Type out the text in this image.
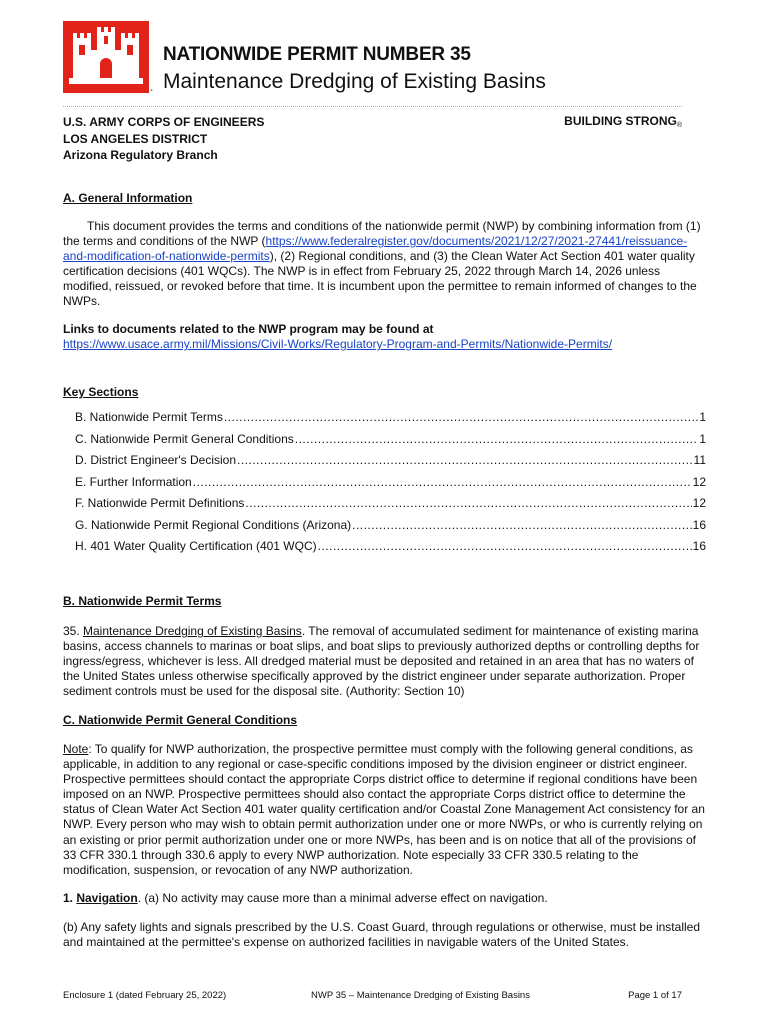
NATIONWIDE PERMIT NUMBER 35
ˎ Maintenance Dredging of Existing Basins
U.S. ARMY CORPS OF ENGINEERS
LOS ANGELES DISTRICT
Arizona Regulatory Branch
BUILDING $STRONG_®$
A. General Information

This document provides the terms and conditions of the nationwide permit (NWP) by combining information from (1) the terms and conditions of the NWP (https://www.federalregister.gov/documents/2021/12/27/2021-27441/reissuance-and-modification-of-nationwide-permits), (2) Regional conditions, and (3) the Clean Water Act Section 401 water quality certification decisions (401 WQCs). The NWP is in effect from February 25, 2022 through March 14, 2026 unless modified, reissued, or revoked before that time. It is incumbent upon the permittee to remain informed of changes to the NWPs.

Links to documents related to the NWP program may be found at

https://www.usace.army.mil/Missions/Civil-Works/Regulatory-Program-and-Permits/Nationwide-Permits/

Key Sections
B. Nationwide Permit Terms .....	1
C. Nationwide Permit General Conditions .....	1
D. District Engineer's Decision .....	11
E. Further Information .....	12
F. Nationwide Permit Definitions .....	12
G. Nationwide Permit Regional Conditions (Arizona) .....	16
H. 401 Water Quality Certification (401 WQC) .....	16
B. Nationwide Permit Terms

35. Maintenance Dredging of Existing Basins. The removal of accumulated sediment for maintenance of existing marina basins, access channels to marinas or boat slips, and boat slips to previously authorized depths or controlling depths for ingress/egress, whichever is less. All dredged material must be deposited and retained in an area that has no waters of the United States unless otherwise specifically approved by the district engineer under separate authorization. Proper sediment controls must be used for the disposal site. (Authority: Section 10)

C. Nationwide Permit General Conditions

Note: To qualify for NWP authorization, the prospective permittee must comply with the following general conditions, as applicable, in addition to any regional or case-specific conditions imposed by the division engineer or district engineer. Prospective permittees should contact the appropriate Corps district office to determine if regional conditions have been imposed on an NWP. Prospective permittees should also contact the appropriate Corps district office to determine the status of Clean Water Act Section 401 water quality certification and/or Coastal Zone Management Act consistency for an NWP. Every person who may wish to obtain permit authorization under one or more NWPs, or who is currently relying on an existing or prior permit authorization under one or more NWPs, has been and is on notice that all of the provisions of 33 CFR 330.1 through 330.6 apply to every NWP authorization. Note especially 33 CFR 330.5 relating to the modification, suspension, or revocation of any NWP authorization.

1. Navigation. (a) No activity may cause more than a minimal adverse effect on navigation.

(b) Any safety lights and signals prescribed by the U.S. Coast Guard, through regulations or otherwise, must be installed and maintained at the permittee's expense on authorized facilities in navigable waters of the United States.

Enclosure 1 (dated February 25, 2022)	NWP 35 – Maintenance Dredging of Existing Basins	Page 1 of 17
